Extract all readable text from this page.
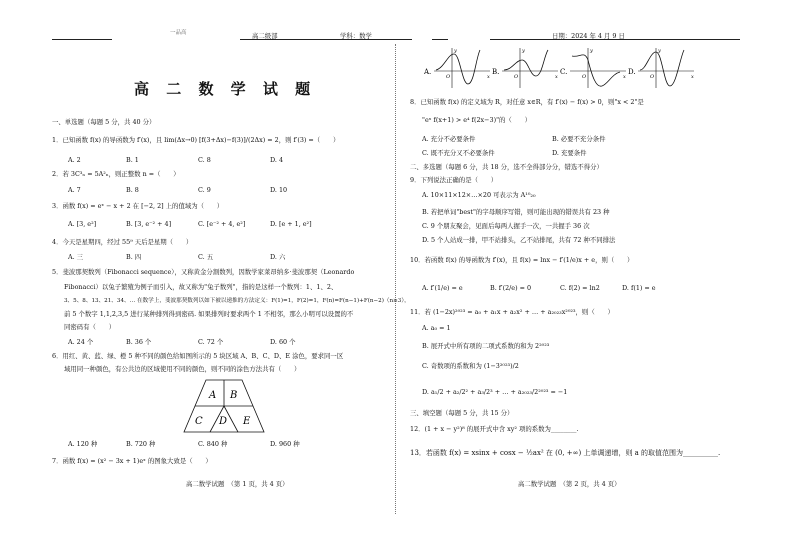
一品高	高二级部	学科：数学	日期：2024 年 4 月 9 日
高 二 数 学 试 题
一、单选题（每题 5 分，共 40 分）
1．已知函数 f(x) 的导函数为 f′(x)，且 lim(Δx→0) [f(3+Δx)−f(3)]/(2Δx) = 2，则 f′(3) =（　　）
A. 2	B. 1	C. 8	D. 4
2．若 3C³ₙ = 5A²ₙ，则正整数 n =（　　）
A. 7	B. 8	C. 9	D. 10
3．函数 f(x) = eˣ − x + 2 在 [−2, 2] 上的值域为（　　）
A. [3, e²]	B. [3, e⁻² + 4]	C. [e⁻² + 4, e²]	D. [e + 1, e²]
4．今天是星期四，经过 55⁹ 天后是星期（　　）
A. 三	B. 四	C. 五	D. 六
5．斐波那契数列（Fibonacci sequence），又称黄金分割数列，因数学家莱昂纳多·斐波那契（Leonardo
Fibonacci）以兔子繁殖为例子而引入，故又称为"兔子数列"，指的是这样一个数列：1、1、2、
3、5、8、13、21、34、… 在数学上，斐波那契数列以如下被以递推的方法定义：F(1)=1，F(2)=1，F(n)=F(n−1)+F(n−2)（n≥3），
前 5 个数字 1,1,2,3,5 进行某种排列得到密码. 如果排列时要求两个 1 不相邻，那么小明可以设置的不
同密码有（　　）
A. 24 个	B. 36 个	C. 72 个	D. 60 个
6．用红、黄、蓝、绿、橙 5 种不同的颜色给如图所示的 5 块区域 A、B、C、D、E 涂色，要求同一区
域用同一种颜色，有公共边的区域使用不同的颜色，则不同的涂色方法共有（　　）
A B
C D E
A. 120 种	B. 720 种	C. 840 种	D. 960 种
7．函数 f(x) = (x² − 3x + 1)eˣ 的图象大致是（　　）
高二数学试题　（第 1 页，共 4 页）
A.
y
O	x
B.
y
O	x
C.
y
O	x
D.
y
O	x
8．已知函数 f(x) 的定义域为 R，对任意 x∈R，有 f′(x) − f(x) > 0，则"x < 2"是
"eˣ f(x+1) > e⁴ f(2x−3)"的（　　）
A. 充分不必要条件	B. 必要不充分条件
C. 既不充分又不必要条件	D. 充要条件
二、多选题（每题 6 分，共 18 分，选不全得部分分，错选不得分）
9．下列说法正确的是（　　）
A. 10×11×12×…×20 可表示为 A¹⁰₂₀
B. 若把单词"best"的字母顺序写错，则可能出现的错误共有 23 种
C. 9 个朋友聚会，见面后每两人握手一次，一共握手 36 次
D. 5 个人站成一排，甲不站排头，乙不站排尾，共有 72 种不同排法
10．若函数 f(x) 的导函数为 f′(x)，且 f(x) = lnx − f′(1/e)x + e，则（　　）
A. f′(1/e) = e	B. f′(2/e) = 0	C. f(2) = ln2	D. f(1) = e
11．若 (1−2x)²⁰²³ = a₀ + a₁x + a₂x² + … + a₂₀₂₃x²⁰²³，则（　　）
A. a₀ = 1
B. 展开式中所有项的二项式系数的和为 2²⁰²³
C. 奇数项的系数和为 (1−3²⁰²³)/2
D. a₁/2 + a₂/2² + a₃/2³ + … + a₂₀₂₃/2²⁰²³ = −1
三、填空题（每题 5 分，共 15 分）
12．(1 + x − y²)⁸ 的展开式中含 xy² 项的系数为________.
13．若函数 f(x) = xsinx + cosx − ½ax² 在 (0, +∞) 上单调递增，则 a 的取值范围为__________.
高二数学试题　（第 2 页，共 4 页）
